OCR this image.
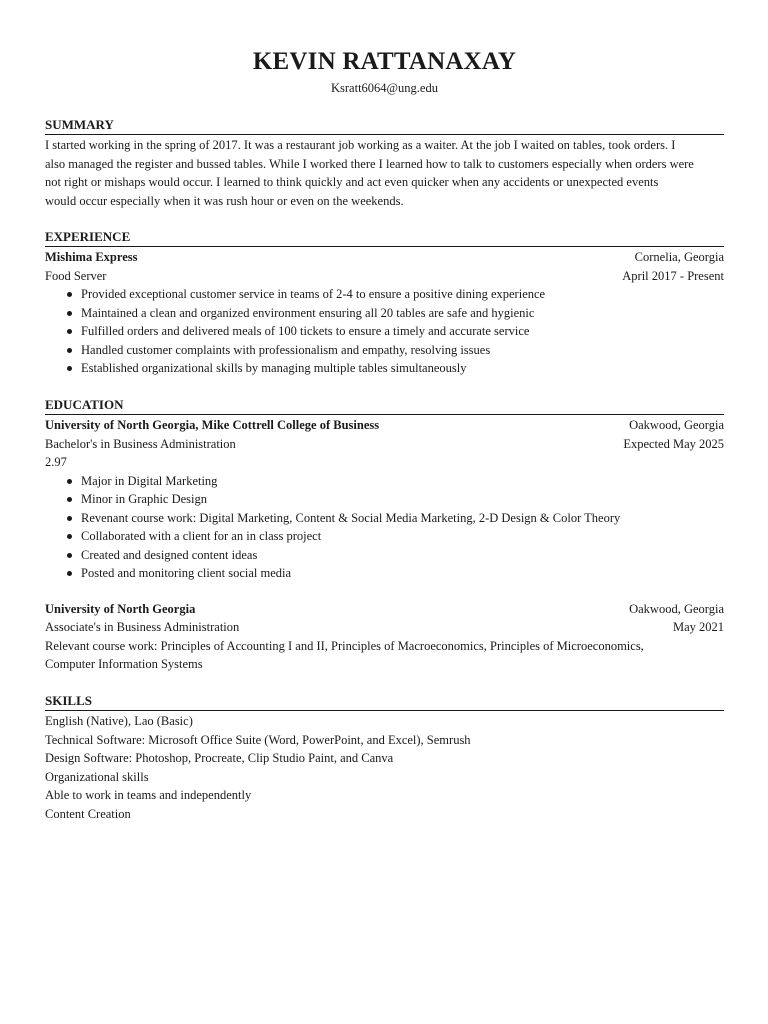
KEVIN RATTANAXAY
Ksratt6064@ung.edu
SUMMARY
I started working in the spring of 2017. It was a restaurant job working as a waiter. At the job I waited on tables, took orders. I
also managed the register and bussed tables. While I worked there I learned how to talk to customers especially when orders were
not right or mishaps would occur. I learned to think quickly and act even quicker when any accidents or unexpected events
would occur especially when it was rush hour or even on the weekends.
EXPERIENCE
Mishima Express	Cornelia, Georgia
Food Server	April 2017 - Present
Provided exceptional customer service in teams of 2-4 to ensure a positive dining experience
Maintained a clean and organized environment ensuring all 20 tables are safe and hygienic
Fulfilled orders and delivered meals of 100 tickets to ensure a timely and accurate service
Handled customer complaints with professionalism and empathy, resolving issues
Established organizational skills by managing multiple tables simultaneously
EDUCATION
University of North Georgia, Mike Cottrell College of Business	Oakwood, Georgia
Bachelor's in Business Administration	Expected May 2025
2.97
Major in Digital Marketing
Minor in Graphic Design
Revenant course work: Digital Marketing, Content & Social Media Marketing, 2-D Design & Color Theory
Collaborated with a client for an in class project
Created and designed content ideas
Posted and monitoring client social media
University of North Georgia	Oakwood, Georgia
Associate's in Business Administration	May 2021
Relevant course work: Principles of Accounting I and II, Principles of Macroeconomics, Principles of Microeconomics,
Computer Information Systems
SKILLS
English (Native), Lao (Basic)
Technical Software: Microsoft Office Suite (Word, PowerPoint, and Excel), Semrush
Design Software: Photoshop, Procreate, Clip Studio Paint, and Canva
Organizational skills
Able to work in teams and independently
Content Creation
